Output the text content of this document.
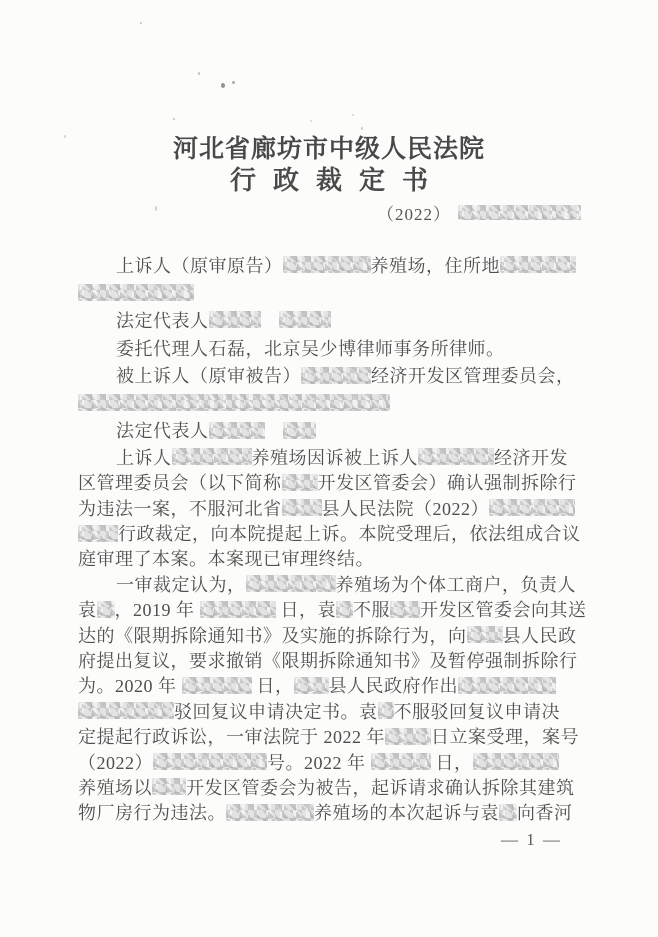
河北省廊坊市中级人民法院
行政裁定书
（2022）
上诉人（原审原告）	养殖场，住所地
法定代表人

委托代理人石磊，北京吴少博律师事务所律师。
被上诉人（原审被告）	经济开发区管理委员会，
法定代表人

上诉人	养殖场因诉被上诉人	经济开发
区管理委员会（以下简称 开发区管委会）确认强制拆除行
为违法一案，不服河北省 县人民法院（2022）
行政裁定，向本院提起上诉。本院受理后，依法组成合议
庭审理了本案。本案现已审理终结。
一审裁定认为，	养殖场为个体工商户，负责人
袁 ，2019 年	日，袁 不服 开发区管委会向其送
达的《限期拆除通知书》及实施的拆除行为，向 县人民政
府提出复议，要求撤销《限期拆除通知书》及暂停强制拆除行
为。2020 年	日， 县人民政府作出
驳回复议申请决定书。袁 不服驳回复议申请决
定提起行政诉讼，一审法院于 2022 年	日立案受理，案号
（2022）	号。2022 年	日，
养殖场以 开发区管委会为被告，起诉请求确认拆除其建筑
物厂房行为违法。	养殖场的本次起诉与袁 向香河
— 1 —
